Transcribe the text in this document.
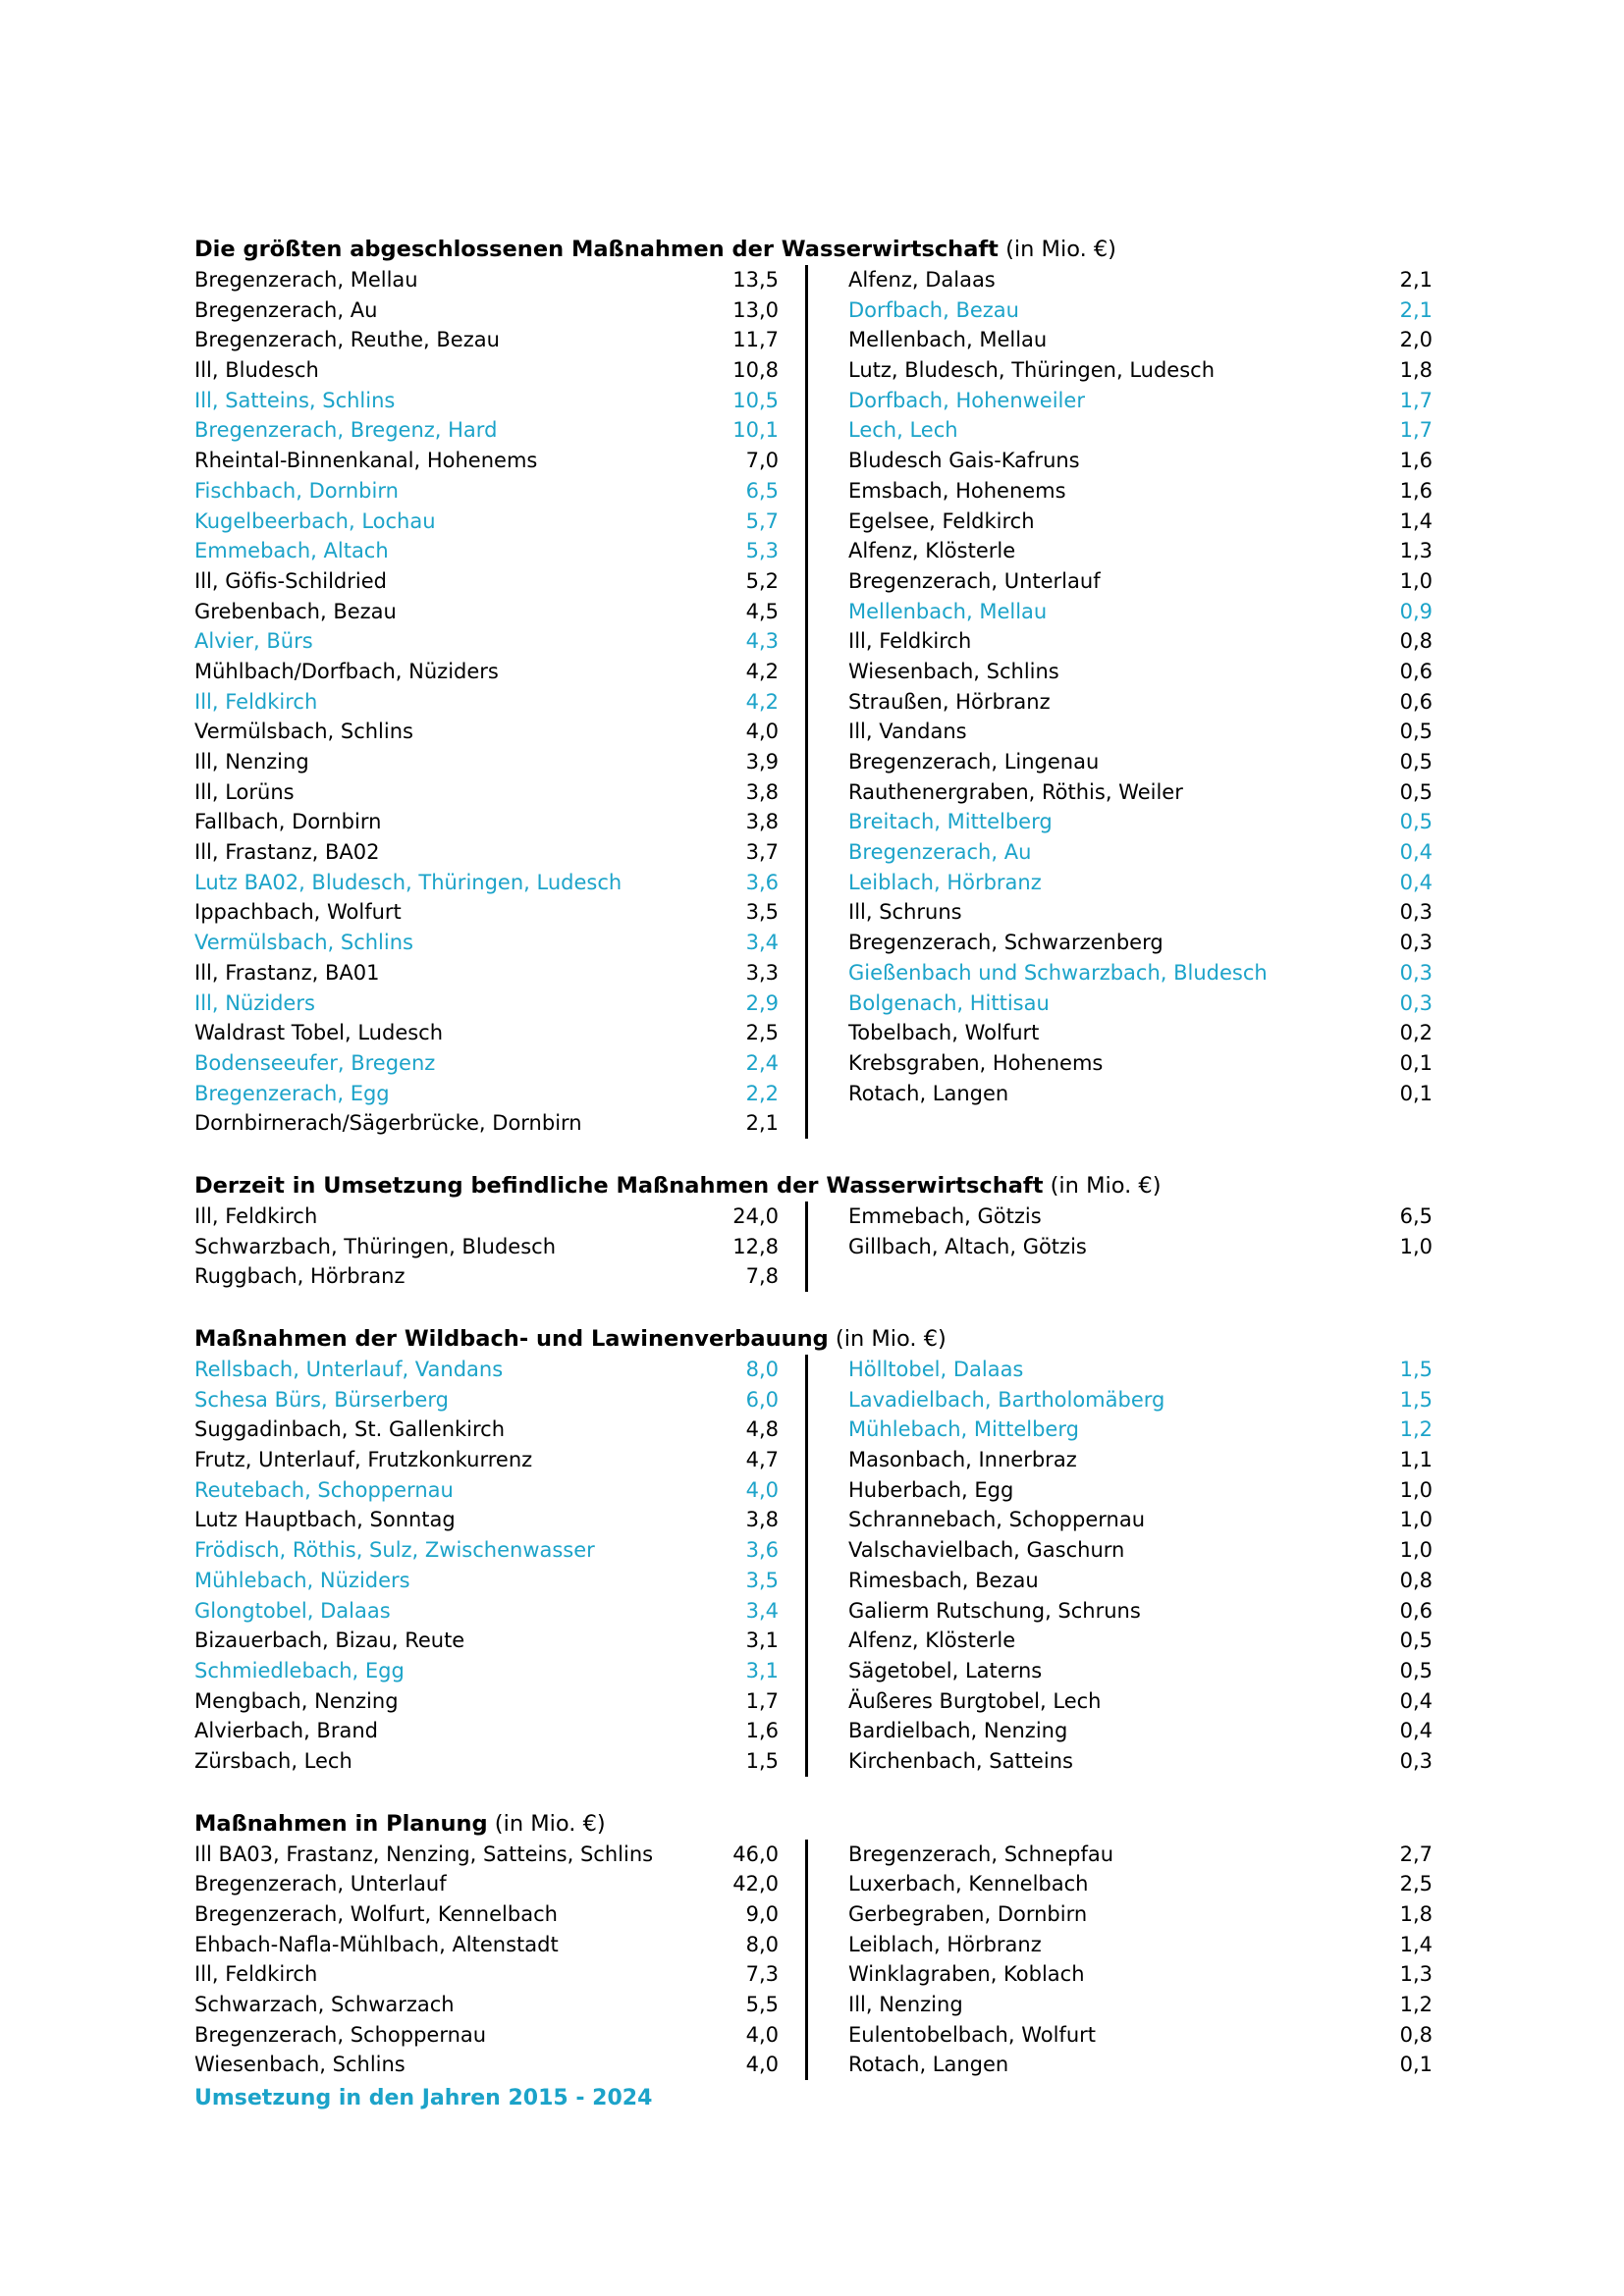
Die größten abgeschlossenen Maßnahmen der Wasserwirtschaft (in Mio. €)
Bregenzerach, Mellau	13,5
Bregenzerach, Au	13,0
Bregenzerach, Reuthe, Bezau	11,7
Ill, Bludesch	10,8
Ill, Satteins, Schlins	10,5
Bregenzerach, Bregenz, Hard	10,1
Rheintal-Binnenkanal, Hohenems	7,0
Fischbach, Dornbirn	6,5
Kugelbeerbach, Lochau	5,7
Emmebach, Altach	5,3
Ill, Göfis-Schildried	5,2
Grebenbach, Bezau	4,5
Alvier, Bürs	4,3
Mühlbach/Dorfbach, Nüziders	4,2
Ill, Feldkirch	4,2
Vermülsbach, Schlins	4,0
Ill, Nenzing	3,9
Ill, Lorüns	3,8
Fallbach, Dornbirn	3,8
Ill, Frastanz, BA02	3,7
Lutz BA02, Bludesch, Thüringen, Ludesch	3,6
Ippachbach, Wolfurt	3,5
Vermülsbach, Schlins	3,4
Ill, Frastanz, BA01	3,3
Ill, Nüziders	2,9
Waldrast Tobel, Ludesch	2,5
Bodenseeufer, Bregenz	2,4
Bregenzerach, Egg	2,2
Dornbirnerach/Sägerbrücke, Dornbirn	2,1
Alfenz, Dalaas	2,1
Dorfbach, Bezau	2,1
Mellenbach, Mellau	2,0
Lutz, Bludesch, Thüringen, Ludesch	1,8
Dorfbach, Hohenweiler	1,7
Lech, Lech	1,7
Bludesch Gais-Kafruns	1,6
Emsbach, Hohenems	1,6
Egelsee, Feldkirch	1,4
Alfenz, Klösterle	1,3
Bregenzerach, Unterlauf	1,0
Mellenbach, Mellau	0,9
Ill, Feldkirch	0,8
Wiesenbach, Schlins	0,6
Straußen, Hörbranz	0,6
Ill, Vandans	0,5
Bregenzerach, Lingenau	0,5
Rauthenergraben, Röthis, Weiler	0,5
Breitach, Mittelberg	0,5
Bregenzerach, Au	0,4
Leiblach, Hörbranz	0,4
Ill, Schruns	0,3
Bregenzerach, Schwarzenberg	0,3
Gießenbach und Schwarzbach, Bludesch	0,3
Bolgenach, Hittisau	0,3
Tobelbach, Wolfurt	0,2
Krebsgraben, Hohenems	0,1
Rotach, Langen	0,1
Derzeit in Umsetzung befindliche Maßnahmen der Wasserwirtschaft (in Mio. €)
Ill, Feldkirch	24,0
Schwarzbach, Thüringen, Bludesch	12,8
Ruggbach, Hörbranz	7,8
Emmebach, Götzis	6,5
Gillbach, Altach, Götzis	1,0
Maßnahmen der Wildbach- und Lawinenverbauung (in Mio. €)
Rellsbach, Unterlauf, Vandans	8,0
Schesa Bürs, Bürserberg	6,0
Suggadinbach, St. Gallenkirch	4,8
Frutz, Unterlauf, Frutzkonkurrenz	4,7
Reutebach, Schoppernau	4,0
Lutz Hauptbach, Sonntag	3,8
Frödisch, Röthis, Sulz, Zwischenwasser	3,6
Mühlebach, Nüziders	3,5
Glongtobel, Dalaas	3,4
Bizauerbach, Bizau, Reute	3,1
Schmiedlebach, Egg	3,1
Mengbach, Nenzing	1,7
Alvierbach, Brand	1,6
Zürsbach, Lech	1,5
Hölltobel, Dalaas	1,5
Lavadielbach, Bartholomäberg	1,5
Mühlebach, Mittelberg	1,2
Masonbach, Innerbraz	1,1
Huberbach, Egg	1,0
Schrannebach, Schoppernau	1,0
Valschavielbach, Gaschurn	1,0
Rimesbach, Bezau	0,8
Galierm Rutschung, Schruns	0,6
Alfenz, Klösterle	0,5
Sägetobel, Laterns	0,5
Äußeres Burgtobel, Lech	0,4
Bardielbach, Nenzing	0,4
Kirchenbach, Satteins	0,3
Maßnahmen in Planung (in Mio. €)
Ill BA03, Frastanz, Nenzing, Satteins, Schlins	46,0
Bregenzerach, Unterlauf	42,0
Bregenzerach, Wolfurt, Kennelbach	9,0
Ehbach-Nafla-Mühlbach, Altenstadt	8,0
Ill, Feldkirch	7,3
Schwarzach, Schwarzach	5,5
Bregenzerach, Schoppernau	4,0
Wiesenbach, Schlins	4,0
Bregenzerach, Schnepfau	2,7
Luxerbach, Kennelbach	2,5
Gerbegraben, Dornbirn	1,8
Leiblach, Hörbranz	1,4
Winklagraben, Koblach	1,3
Ill, Nenzing	1,2
Eulentobelbach, Wolfurt	0,8
Rotach, Langen	0,1
Umsetzung in den Jahren 2015 - 2024
